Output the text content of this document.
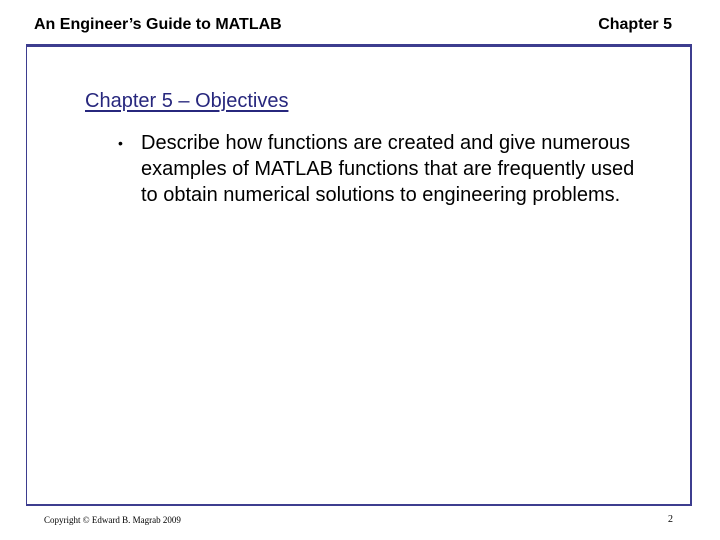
An Engineer’s Guide to MATLAB	Chapter 5
Chapter 5 – Objectives
• Describe how functions are created and give numerous examples of MATLAB functions that are frequently used to obtain numerical solutions to engineering problems.
Copyright © Edward B. Magrab 2009	2
